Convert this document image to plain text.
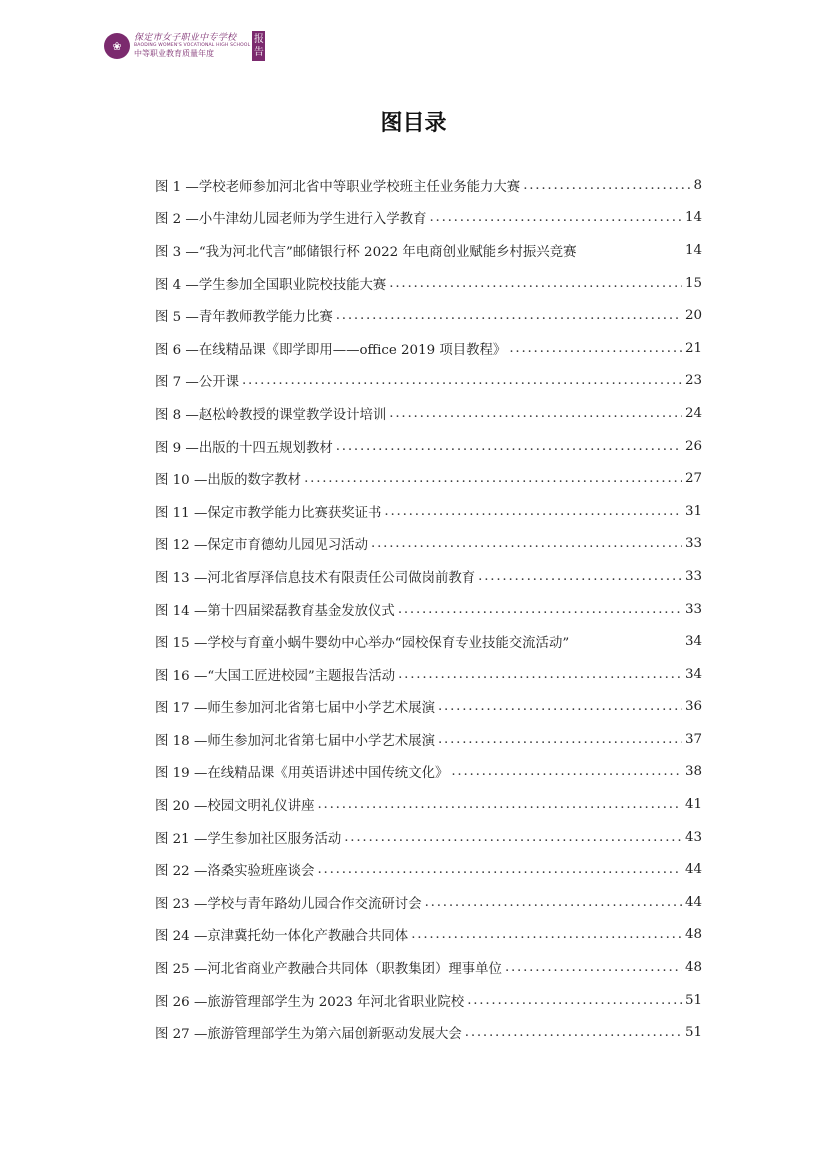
❀
保定市女子职业中专学校
BAODING WOMEN'S VOCATIONAL HIGH SCHOOL
中等职业教育质量年度
报告
图目录
图 1 —学校老师参加河北省中等职业学校班主任业务能力大赛 .....	8
图 2 —小牛津幼儿园老师为学生进行入学教育 .....	14
图 3 —“我为河北代言”邮储银行杯 2022 年电商创业赋能乡村振兴竞赛	14
图 4 —学生参加全国职业院校技能大赛 .....	15
图 5 —青年教师教学能力比赛 .....	20
图 6 —在线精品课《即学即用——office 2019 项目教程》 .....	21
图 7 —公开课 .....	23
图 8 —赵松岭教授的课堂教学设计培训 .....	24
图 9 —出版的十四五规划教材 .....	26
图 10 —出版的数字教材 .....	27
图 11 —保定市教学能力比赛获奖证书 .....	31
图 12 —保定市育德幼儿园见习活动 .....	33
图 13 —河北省厚泽信息技术有限责任公司做岗前教育 .....	33
图 14 —第十四届梁磊教育基金发放仪式 .....	33
图 15 —学校与育童小蜗牛婴幼中心举办“园校保育专业技能交流活动”	34
图 16 —“大国工匠进校园”主题报告活动 .....	34
图 17 —师生参加河北省第七届中小学艺术展演 .....	36
图 18 —师生参加河北省第七届中小学艺术展演 .....	37
图 19 —在线精品课《用英语讲述中国传统文化》 .....	38
图 20 —校园文明礼仪讲座 .....	41
图 21 —学生参加社区服务活动 .....	43
图 22 —洛桑实验班座谈会 .....	44
图 23 —学校与青年路幼儿园合作交流研讨会 .....	44
图 24 —京津冀托幼一体化产教融合共同体 .....	48
图 25 —河北省商业产教融合共同体（职教集团）理事单位 .....	48
图 26 —旅游管理部学生为 2023 年河北省职业院校 .....	51
图 27 —旅游管理部学生为第六届创新驱动发展大会 .....	51
